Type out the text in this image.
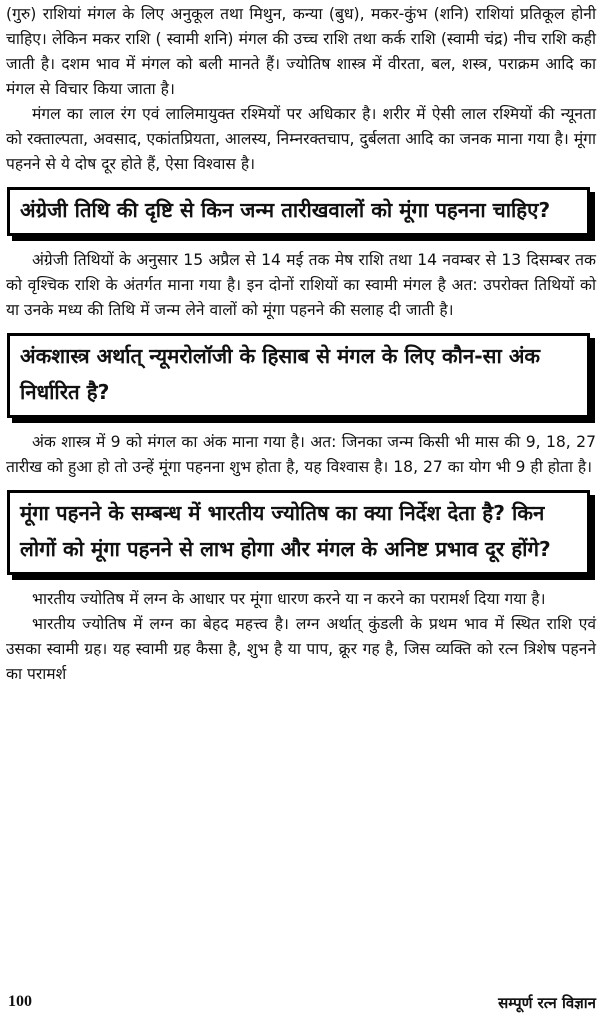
(गुरु) राशियां मंगल के लिए अनुकूल तथा मिथुन, कन्या (बुध), मकर-कुंभ (शनि) राशियां प्रतिकूल होनी चाहिए। लेकिन मकर राशि ( स्वामी शनि) मंगल की उच्च राशि तथा कर्क राशि (स्वामी चंद्र) नीच राशि कही जाती है। दशम भाव में मंगल को बली मानते हैं। ज्योतिष शास्त्र में वीरता, बल, शस्त्र, पराक्रम आदि का मंगल से विचार किया जाता है।

मंगल का लाल रंग एवं लालिमायुक्त रश्मियों पर अधिकार है। शरीर में ऐसी लाल रश्मियों की न्यूनता को रक्ताल्पता, अवसाद, एकांतप्रियता, आलस्य, निम्नरक्तचाप, दुर्बलता आदि का जनक माना गया है। मूंगा पहनने से ये दोष दूर होते हैं, ऐसा विश्वास है।

अंग्रेजी तिथि की दृष्टि से किन जन्म तारीखवालों को मूंगा पहनना चाहिए?

अंग्रेजी तिथियों के अनुसार 15 अप्रैल से 14 मई तक मेष राशि तथा 14 नवम्बर से 13 दिसम्बर तक को वृश्चिक राशि के अंतर्गत माना गया है। इन दोनों राशियों का स्वामी मंगल है अत: उपरोक्त तिथियों को या उनके मध्य की तिथि में जन्म लेने वालों को मूंगा पहनने की सलाह दी जाती है।

अंकशास्त्र अर्थात् न्यूमरोलॉजी के हिसाब से मंगल के लिए कौन-सा अंक निर्धारित है?

अंक शास्त्र में 9 को मंगल का अंक माना गया है। अत: जिनका जन्म किसी भी मास की 9, 18, 27 तारीख को हुआ हो तो उन्हें मूंगा पहनना शुभ होता है, यह विश्वास है। 18, 27 का योग भी 9 ही होता है।

मूंगा पहनने के सम्बन्ध में भारतीय ज्योतिष का क्या निर्देश देता है? किन लोगों को मूंगा पहनने से लाभ होगा और मंगल के अनिष्ट प्रभाव दूर होंगे?

भारतीय ज्योतिष में लग्न के आधार पर मूंगा धारण करने या न करने का परामर्श दिया गया है।

भारतीय ज्योतिष में लग्न का बेहद महत्त्व है। लग्न अर्थात् कुंडली के प्रथम भाव में स्थित राशि एवं उसका स्वामी ग्रह। यह स्वामी ग्रह कैसा है, शुभ है या पाप, क्रूर गह है, जिस व्यक्ति को रत्न त्रिशेष पहनने का परामर्श

100	सम्पूर्ण रत्न विज्ञान
